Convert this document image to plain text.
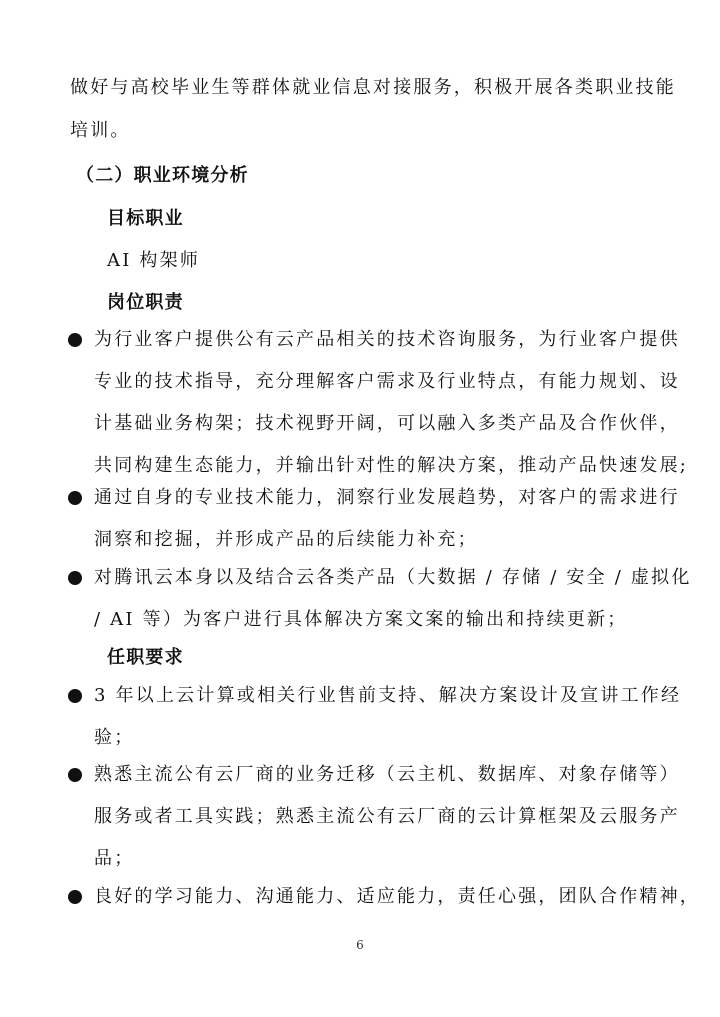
做好与高校毕业生等群体就业信息对接服务，积极开展各类职业技能
培训。
（二）职业环境分析
目标职业
AI 构架师
岗位职责
为行业客户提供公有云产品相关的技术咨询服务，为行业客户提供
专业的技术指导，充分理解客户需求及行业特点，有能力规划、设
计基础业务构架；技术视野开阔，可以融入多类产品及合作伙伴，
共同构建生态能力，并输出针对性的解决方案，推动产品快速发展;
通过自身的专业技术能力，洞察行业发展趋势，对客户的需求进行
洞察和挖掘，并形成产品的后续能力补充；
对腾讯云本身以及结合云各类产品（大数据 / 存储 / 安全 / 虚拟化
/ AI 等）为客户进行具体解决方案文案的输出和持续更新；
任职要求
3 年以上云计算或相关行业售前支持、解决方案设计及宣讲工作经
验；
熟悉主流公有云厂商的业务迁移（云主机、数据库、对象存储等）
服务或者工具实践；熟悉主流公有云厂商的云计算框架及云服务产
品；
良好的学习能力、沟通能力、适应能力，责任心强，团队合作精神，
6
